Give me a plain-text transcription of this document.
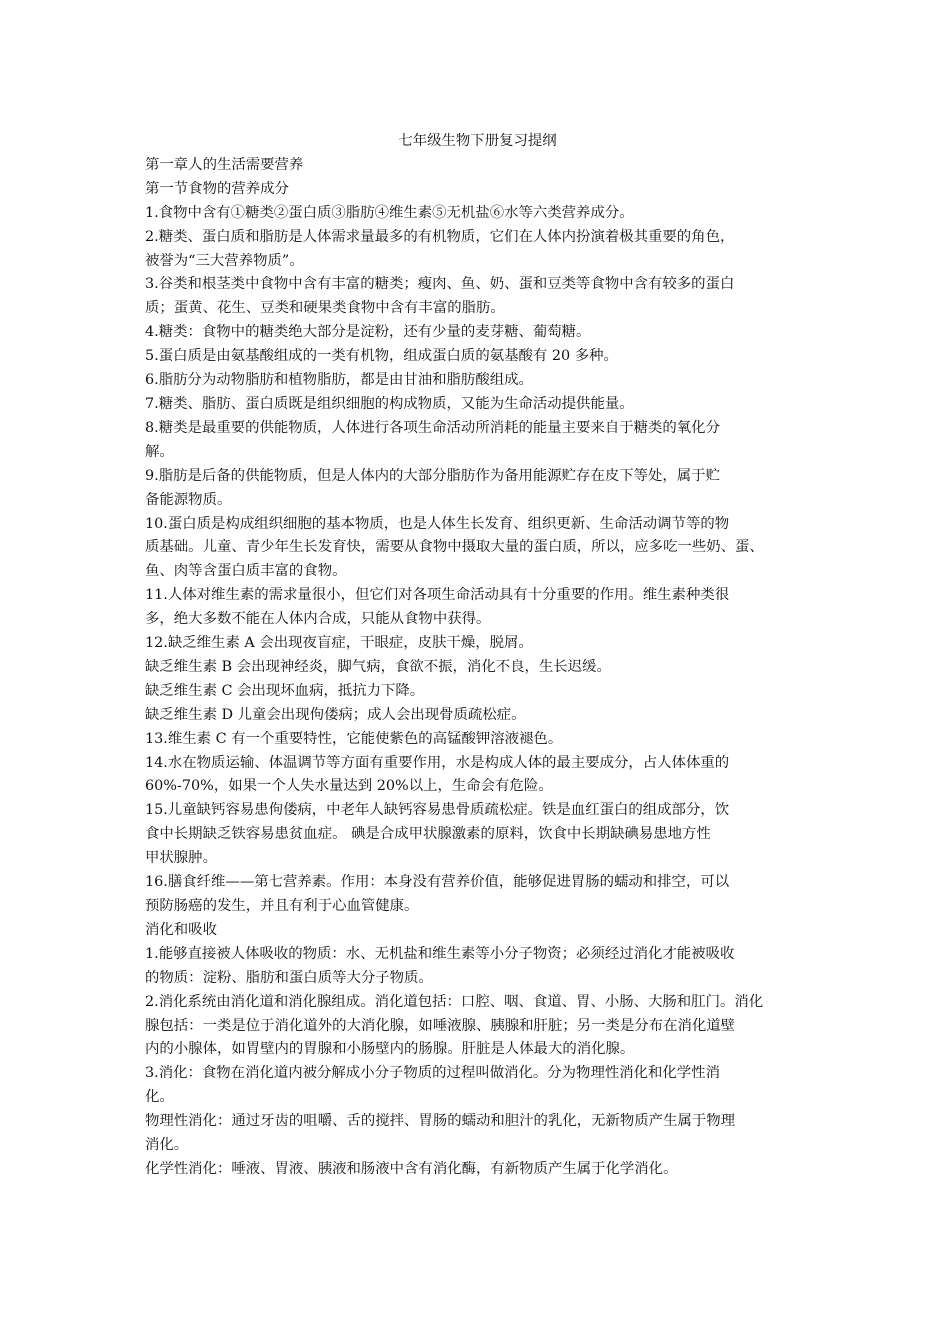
七年级生物下册复习提纲

第一章人的生活需要营养

第一节食物的营养成分

1.食物中含有①糖类②蛋白质③脂肪④维生素⑤无机盐⑥水等六类营养成分。

2.糖类、蛋白质和脂肪是人体需求量最多的有机物质，它们在人体内扮演着极其重要的角色，

被誉为“三大营养物质”。

3.谷类和根茎类中食物中含有丰富的糖类；瘦肉、鱼、奶、蛋和豆类等食物中含有较多的蛋白

质；蛋黄、花生、豆类和硬果类食物中含有丰富的脂肪。

4.糖类：食物中的糖类绝大部分是淀粉，还有少量的麦芽糖、葡萄糖。

5.蛋白质是由氨基酸组成的一类有机物，组成蛋白质的氨基酸有 20 多种。

6.脂肪分为动物脂肪和植物脂肪，都是由甘油和脂肪酸组成。

7.糖类、脂肪、蛋白质既是组织细胞的构成物质，又能为生命活动提供能量。

8.糖类是最重要的供能物质，人体进行各项生命活动所消耗的能量主要来自于糖类的氧化分

解。

9.脂肪是后备的供能物质，但是人体内的大部分脂肪作为备用能源贮存在皮下等处，属于贮

备能源物质。

10.蛋白质是构成组织细胞的基本物质，也是人体生长发育、组织更新、生命活动调节等的物

质基础。儿童、青少年生长发育快，需要从食物中摄取大量的蛋白质，所以，应多吃一些奶、蛋、

鱼、肉等含蛋白质丰富的食物。

11.人体对维生素的需求量很小，但它们对各项生命活动具有十分重要的作用。维生素种类很

多，绝大多数不能在人体内合成，只能从食物中获得。

12.缺乏维生素 A 会出现夜盲症，干眼症，皮肤干燥，脱屑。

缺乏维生素 B 会出现神经炎，脚气病，食欲不振，消化不良，生长迟缓。

缺乏维生素 C 会出现坏血病，抵抗力下降。

缺乏维生素 D 儿童会出现佝偻病；成人会出现骨质疏松症。

13.维生素 C 有一个重要特性，它能使紫色的高锰酸钾溶液褪色。

14.水在物质运输、体温调节等方面有重要作用，水是构成人体的最主要成分，占人体体重的

60%-70%，如果一个人失水量达到 20%以上，生命会有危险。

15.儿童缺钙容易患佝偻病，中老年人缺钙容易患骨质疏松症。铁是血红蛋白的组成部分，饮

食中长期缺乏铁容易患贫血症。 碘是合成甲状腺激素的原料，饮食中长期缺碘易患地方性

甲状腺肿。

16.膳食纤维——第七营养素。作用：本身没有营养价值，能够促进胃肠的蠕动和排空，可以

预防肠癌的发生，并且有利于心血管健康。

消化和吸收

1.能够直接被人体吸收的物质：水、无机盐和维生素等小分子物资；必须经过消化才能被吸收

的物质：淀粉、脂肪和蛋白质等大分子物质。

2.消化系统由消化道和消化腺组成。消化道包括：口腔、咽、食道、胃、小肠、大肠和肛门。消化

腺包括：一类是位于消化道外的大消化腺，如唾液腺、胰腺和肝脏；另一类是分布在消化道壁

内的小腺体，如胃壁内的胃腺和小肠壁内的肠腺。肝脏是人体最大的消化腺。

3.消化：食物在消化道内被分解成小分子物质的过程叫做消化。分为物理性消化和化学性消

化。

物理性消化：通过牙齿的咀嚼、舌的搅拌、胃肠的蠕动和胆汁的乳化，无新物质产生属于物理

消化。

化学性消化：唾液、胃液、胰液和肠液中含有消化酶，有新物质产生属于化学消化。
